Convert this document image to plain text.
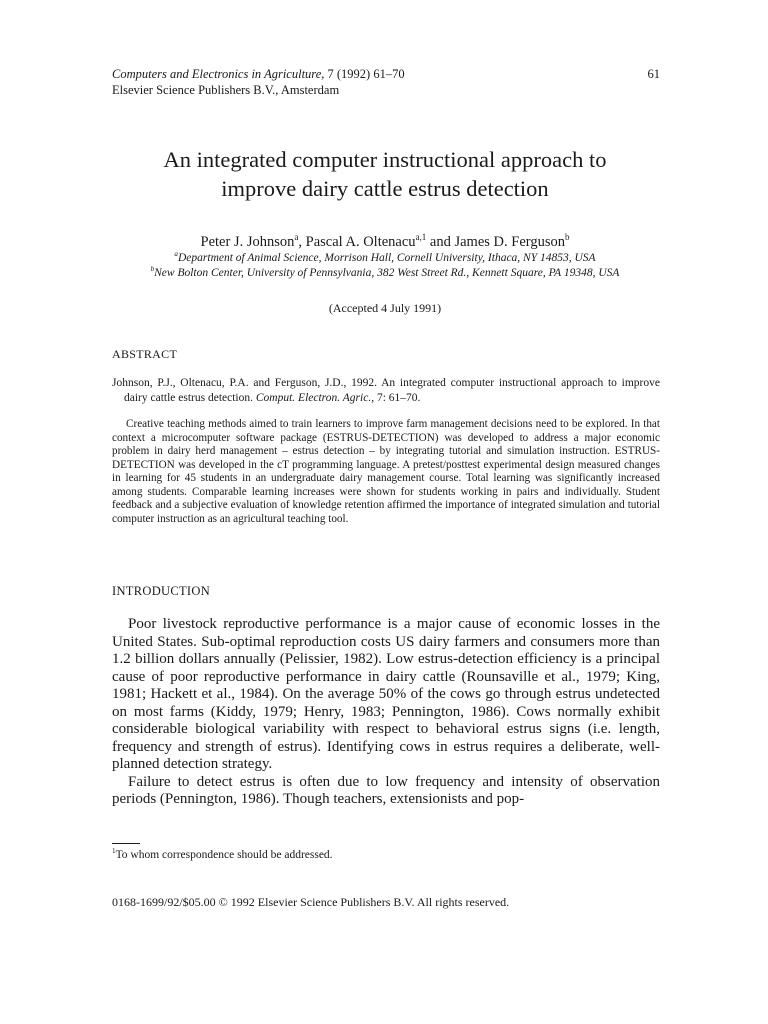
Computers and Electronics in Agriculture, 7 (1992) 61–70
Elsevier Science Publishers B.V., Amsterdam
61
An integrated computer instructional approach to
improve dairy cattle estrus detection
Peter J. Johnson$^a$, Pascal A. Oltenacu$^{a,1}$ and James D. Ferguson$^b$
$^a$Department of Animal Science, Morrison Hall, Cornell University, Ithaca, NY 14853, USA
$^b$New Bolton Center, University of Pennsylvania, 382 West Street Rd., Kennett Square, PA 19348, USA
(Accepted 4 July 1991)
ABSTRACT
Johnson, P.J., Oltenacu, P.A. and Ferguson, J.D., 1992. An integrated computer instructional approach to improve dairy cattle estrus detection. Comput. Electron. Agric., 7: 61–70.
Creative teaching methods aimed to train learners to improve farm management decisions need to be explored. In that context a microcomputer software package (ESTRUS-DETECTION) was developed to address a major economic problem in dairy herd management – estrus detection – by integrating tutorial and simulation instruction. ESTRUS-DETECTION was developed in the cT programming language. A pretest/posttest experimental design measured changes in learning for 45 students in an undergraduate dairy management course. Total learning was significantly increased among students. Comparable learning increases were shown for students working in pairs and individually. Student feedback and a subjective evaluation of knowledge retention affirmed the importance of integrated simulation and tutorial computer instruction as an agricultural teaching tool.
INTRODUCTION

Poor livestock reproductive performance is a major cause of economic losses in the United States. Sub-optimal reproduction costs US dairy farmers and consumers more than 1.2 billion dollars annually (Pelissier, 1982). Low estrus-detection efficiency is a principal cause of poor reproductive performance in dairy cattle (Rounsaville et al., 1979; King, 1981; Hackett et al., 1984). On the average 50% of the cows go through estrus undetected on most farms (Kiddy, 1979; Henry, 1983; Pennington, 1986). Cows normally exhibit considerable biological variability with respect to behavioral estrus signs (i.e. length, frequency and strength of estrus). Identifying cows in estrus requires a deliberate, well-planned detection strategy.

Failure to detect estrus is often due to low frequency and intensity of observation periods (Pennington, 1986). Though teachers, extensionists and pop-

$^1$To whom correspondence should be addressed.
0168-1699/92/$05.00 © 1992 Elsevier Science Publishers B.V. All rights reserved.
